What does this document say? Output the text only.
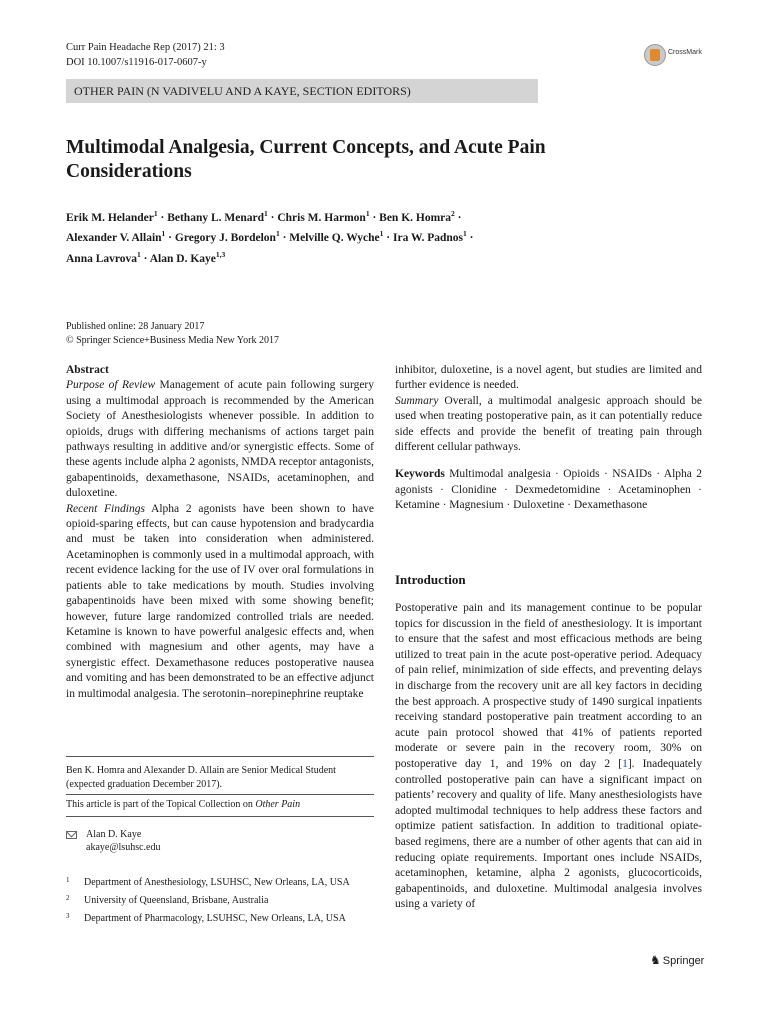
Curr Pain Headache Rep (2017) 21: 3
DOI 10.1007/s11916-017-0607-y
CrossMark
OTHER PAIN (N VADIVELU AND A KAYE, SECTION EDITORS)
Multimodal Analgesia, Current Concepts, and Acute Pain Considerations
Erik M. Helander$^1$ · Bethany L. Menard$^1$ · Chris M. Harmon$^1$ · Ben K. Homra$^2$ ·
Alexander V. Allain$^1$ · Gregory J. Bordelon$^1$ · Melville Q. Wyche$^1$ · Ira W. Padnos$^1$ ·
Anna Lavrova$^1$ · Alan D. Kaye$^{1,3}$
Published online: 28 January 2017
© Springer Science+Business Media New York 2017

Abstract

Purpose of Review Management of acute pain following surgery using a multimodal approach is recommended by the American Society of Anesthesiologists whenever possible. In addition to opioids, drugs with differing mechanisms of actions target pain pathways resulting in additive and/or synergistic effects. Some of these agents include alpha 2 agonists, NMDA receptor antagonists, gabapentinoids, dexamethasone, NSAIDs, acetaminophen, and duloxetine.

Recent Findings Alpha 2 agonists have been shown to have opioid-sparing effects, but can cause hypotension and bradycardia and must be taken into consideration when administered. Acetaminophen is commonly used in a multimodal approach, with recent evidence lacking for the use of IV over oral formulations in patients able to take medications by mouth. Studies involving gabapentinoids have been mixed with some showing benefit; however, future large randomized controlled trials are needed. Ketamine is known to have powerful analgesic effects and, when combined with magnesium and other agents, may have a synergistic effect. Dexamethasone reduces postoperative nausea and vomiting and has been demonstrated to be an effective adjunct in multimodal analgesia. The serotonin–norepinephrine reuptake

inhibitor, duloxetine, is a novel agent, but studies are limited and further evidence is needed.

Summary Overall, a multimodal analgesic approach should be used when treating postoperative pain, as it can potentially reduce side effects and provide the benefit of treating pain through different cellular pathways.

Keywords Multimodal analgesia · Opioids · NSAIDs · Alpha 2 agonists · Clonidine · Dexmedetomidine · Acetaminophen · Ketamine · Magnesium · Duloxetine · Dexamethasone

Introduction
Postoperative pain and its management continue to be popular topics for discussion in the field of anesthesiology. It is important to ensure that the safest and most efficacious methods are being utilized to treat pain in the acute post-operative period. Adequacy of pain relief, minimization of side effects, and preventing delays in discharge from the recovery unit are all key factors in deciding the best approach. A prospective study of 1490 surgical inpatients receiving standard postoperative pain treatment according to an acute pain protocol showed that 41% of patients reported moderate or severe pain in the recovery room, 30% on postoperative day 1, and 19% on day 2 [1]. Inadequately controlled postoperative pain can have a significant impact on patients’ recovery and quality of life. Many anesthesiologists have adopted multimodal techniques to help address these factors and optimize patient satisfaction. In addition to traditional opiate-based regimens, there are a number of other agents that can aid in reducing opiate requirements. Important ones include NSAIDs, acetaminophen, ketamine, alpha 2 agonists, glucocorticoids, gabapentinoids, and duloxetine. Multimodal analgesia involves using a variety of
Ben K. Homra and Alexander D. Allain are Senior Medical Student (expected graduation December 2017).
This article is part of the Topical Collection on Other Pain
Alan D. Kaye
akaye@lsuhsc.edu
1 Department of Anesthesiology, LSUHSC, New Orleans, LA, USA
2 University of Queensland, Brisbane, Australia
3 Department of Pharmacology, LSUHSC, New Orleans, LA, USA
♞ Springer
